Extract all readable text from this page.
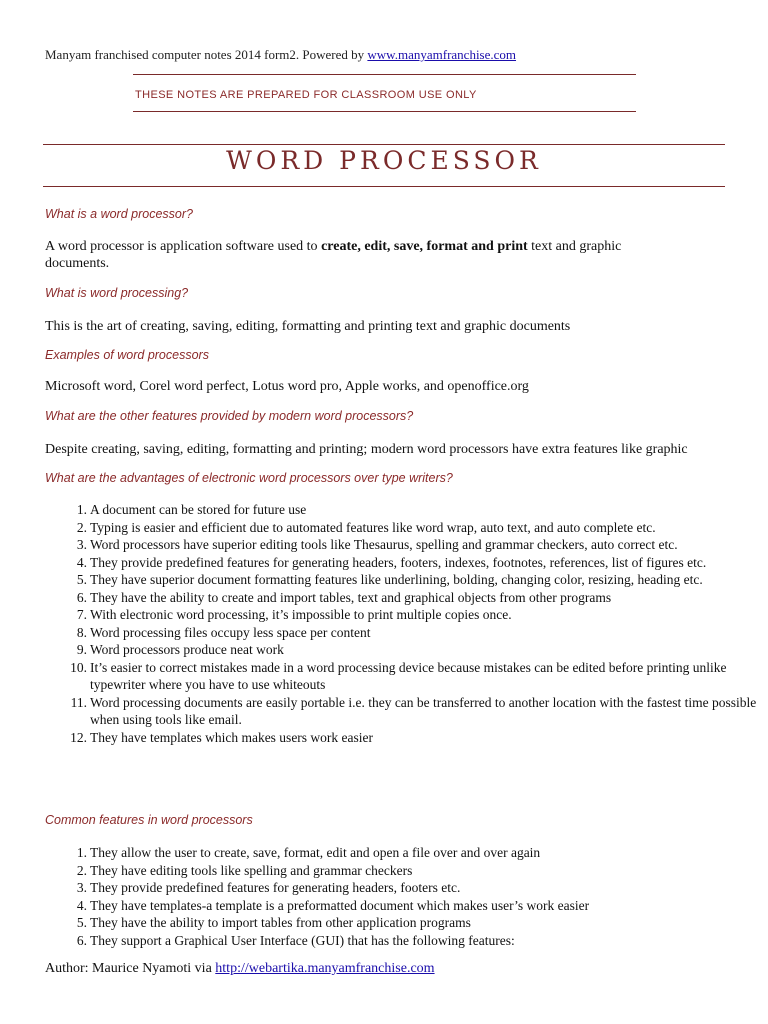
Manyam franchised computer notes 2014 form2. Powered by www.manyamfranchise.com
THESE NOTES ARE PREPARED FOR CLASSROOM USE ONLY
WORD PROCESSOR
What is a word processor?
A word processor is application software used to create, edit, save, format and print text and graphic
documents.
What is word processing?
This is the art of creating, saving, editing, formatting and printing text and graphic documents
Examples of word processors
Microsoft word, Corel word perfect, Lotus word pro, Apple works, and openoffice.org
What are the other features provided by modern word processors?
Despite creating, saving, editing, formatting and printing; modern word processors have extra features like graphic
What are the advantages of electronic word processors over type writers?
1. A document can be stored for future use
2. Typing is easier and efficient due to automated features like word wrap, auto text, and auto complete etc.
3. Word processors have superior editing tools like Thesaurus, spelling and grammar checkers, auto correct etc.
4. They provide predefined features for generating headers, footers, indexes, footnotes, references, list of figures etc.
5. They have superior document formatting features like underlining, bolding, changing color, resizing, heading etc.
6. They have the ability to create and import tables, text and graphical objects from other programs
7. With electronic word processing, it’s impossible to print multiple copies once.
8. Word processing files occupy less space per content
9. Word processors produce neat work
10. It’s easier to correct mistakes made in a word processing device because mistakes can be edited before printing unlike typewriter where you have to use whiteouts
11. Word processing documents are easily portable i.e. they can be transferred to another location with the fastest time possible when using tools like email.
12. They have templates which makes users work easier
Common features in word processors
1. They allow the user to create, save, format, edit and open a file over and over again
2. They have editing tools like spelling and grammar checkers
3. They provide predefined features for generating headers, footers etc.
4. They have templates-a template is a preformatted document which makes user’s work easier
5. They have the ability to import tables from other application programs
6. They support a Graphical User Interface (GUI) that has the following features:
Author: Maurice Nyamoti via http://webartika.manyamfranchise.com
